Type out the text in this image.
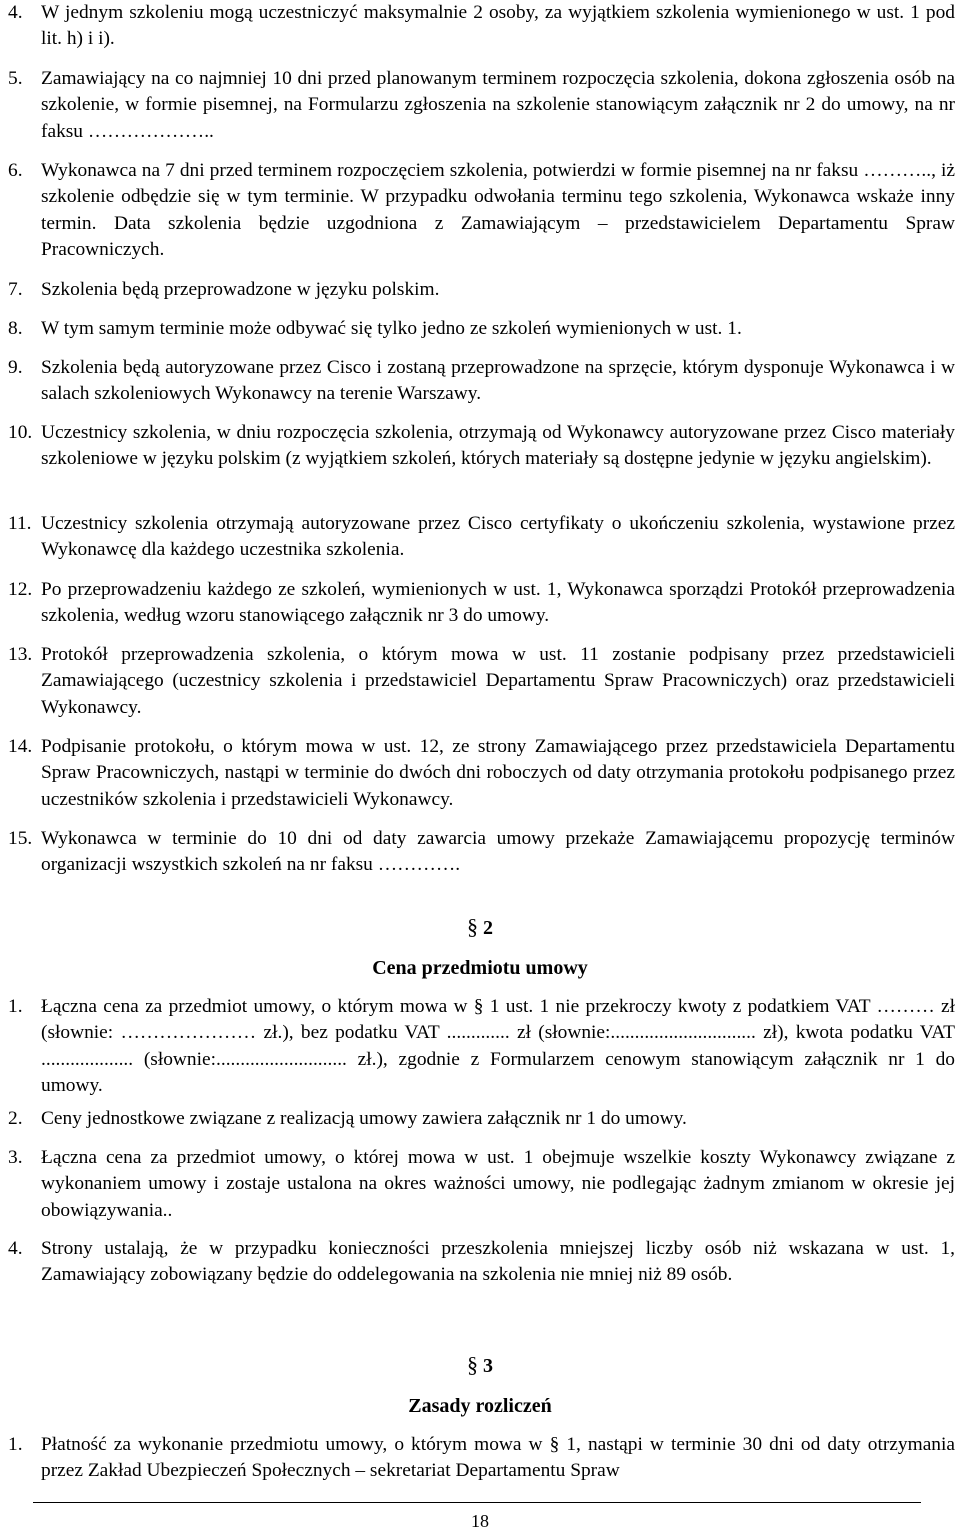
4. W jednym szkoleniu mogą uczestniczyć maksymalnie 2 osoby, za wyjątkiem szkolenia wymienionego w ust. 1 pod lit. h) i i).
5. Zamawiający na co najmniej 10 dni przed planowanym terminem rozpoczęcia szkolenia, dokona zgłoszenia osób na szkolenie, w formie pisemnej, na Formularzu zgłoszenia na szkolenie stanowiącym załącznik nr 2 do umowy, na nr faksu ………………..
6. Wykonawca na 7 dni przed terminem rozpoczęciem szkolenia, potwierdzi w formie pisemnej na nr faksu ……….., iż szkolenie odbędzie się w tym terminie. W przypadku odwołania terminu tego szkolenia, Wykonawca wskaże inny termin. Data szkolenia będzie uzgodniona z Zamawiającym – przedstawicielem Departamentu Spraw Pracowniczych.
7. Szkolenia będą przeprowadzone w języku polskim.
8. W tym samym terminie może odbywać się tylko jedno ze szkoleń wymienionych w ust. 1.
9. Szkolenia będą autoryzowane przez Cisco i zostaną przeprowadzone na sprzęcie, którym dysponuje Wykonawca i w salach szkoleniowych Wykonawcy na terenie Warszawy.
10. Uczestnicy szkolenia, w dniu rozpoczęcia szkolenia, otrzymają od Wykonawcy autoryzowane przez Cisco materiały szkoleniowe w języku polskim (z wyjątkiem szkoleń, których materiały są dostępne jedynie w języku angielskim).
11. Uczestnicy szkolenia otrzymają autoryzowane przez Cisco certyfikaty o ukończeniu szkolenia, wystawione przez Wykonawcę dla każdego uczestnika szkolenia.
12. Po przeprowadzeniu każdego ze szkoleń, wymienionych w ust. 1, Wykonawca sporządzi Protokół przeprowadzenia szkolenia, według wzoru stanowiącego załącznik nr 3 do umowy.
13. Protokół przeprowadzenia szkolenia, o którym mowa w ust. 11 zostanie podpisany przez przedstawicieli Zamawiającego (uczestnicy szkolenia i przedstawiciel Departamentu Spraw Pracowniczych) oraz przedstawicieli Wykonawcy.
14. Podpisanie protokołu, o którym mowa w ust. 12, ze strony Zamawiającego przez przedstawiciela Departamentu Spraw Pracowniczych, nastąpi w terminie do dwóch dni roboczych od daty otrzymania protokołu podpisanego przez uczestników szkolenia i przedstawicieli Wykonawcy.
15. Wykonawca w terminie do 10 dni od daty zawarcia umowy przekaże Zamawiającemu propozycję terminów organizacji wszystkich szkoleń na nr faksu ………….
§ 2
Cena przedmiotu umowy
1. Łączna cena za przedmiot umowy, o którym mowa w § 1 ust. 1 nie przekroczy kwoty z podatkiem VAT ……… zł (słownie: ………………… zł.), bez podatku VAT ............. zł (słownie:.............................. zł), kwota podatku VAT ................... (słownie:........................... zł.), zgodnie z Formularzem cenowym stanowiącym załącznik nr 1 do umowy.
2. Ceny jednostkowe związane z realizacją umowy zawiera załącznik nr 1 do umowy.
3. Łączna cena za przedmiot umowy, o której mowa w ust. 1 obejmuje wszelkie koszty Wykonawcy związane z wykonaniem umowy i zostaje ustalona na okres ważności umowy, nie podlegając żadnym zmianom w okresie jej obowiązywania..
4. Strony ustalają, że w przypadku konieczności przeszkolenia mniejszej liczby osób niż wskazana w ust. 1, Zamawiający zobowiązany będzie do oddelegowania na szkolenia nie mniej niż 89 osób.
§ 3
Zasady rozliczeń
1. Płatność za wykonanie przedmiotu umowy, o którym mowa w § 1, nastąpi w terminie 30 dni od daty otrzymania przez Zakład Ubezpieczeń Społecznych – sekretariat Departamentu Spraw
18
